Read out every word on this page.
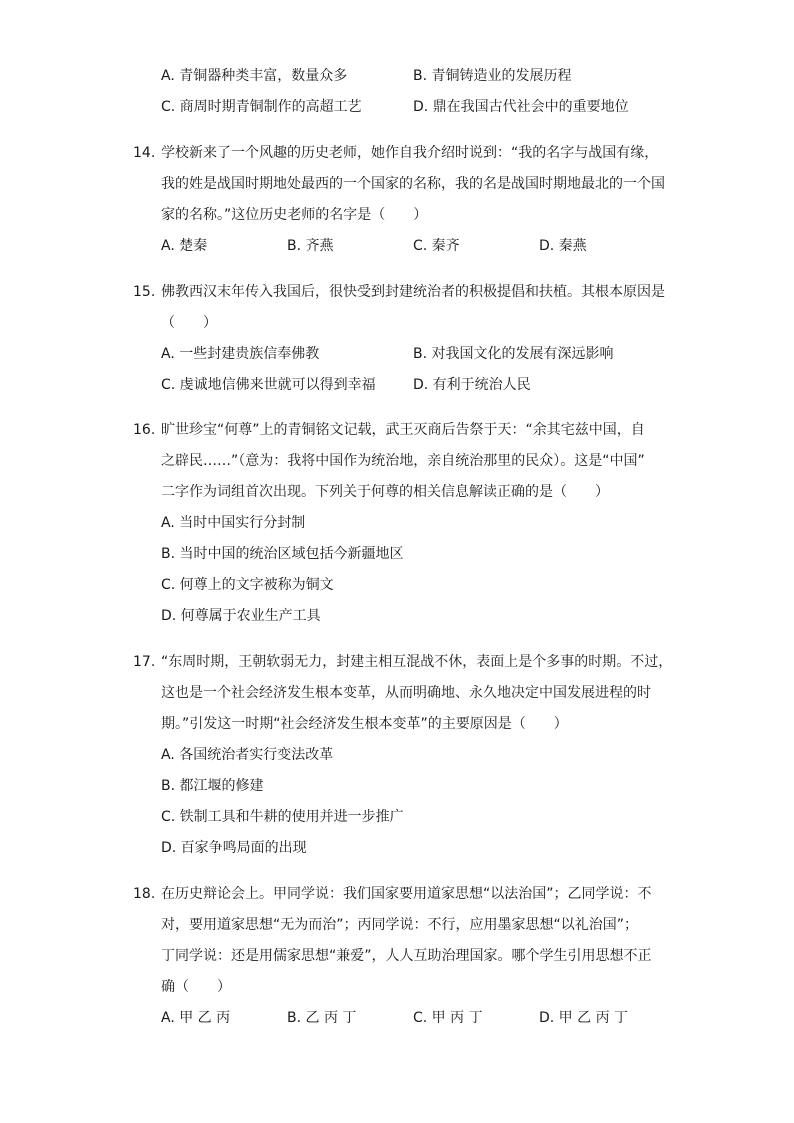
A. 青铜器种类丰富，数量众多	B. 青铜铸造业的发展历程
C. 商周时期青铜制作的高超工艺	D. 鼎在我国古代社会中的重要地位
14. 学校新来了一个风趣的历史老师，她作自我介绍时说到：“我的名字与战国有缘，
我的姓是战国时期地处最西的一个国家的名称，我的名是战国时期地最北的一个国
家的名称。”这位历史老师的名字是（　　）
A. 楚秦	B. 齐燕	C. 秦齐	D. 秦燕
15. 佛教西汉末年传入我国后，很快受到封建统治者的积极提倡和扶植。其根本原因是
（　　）
A. 一些封建贵族信奉佛教	B. 对我国文化的发展有深远影响
C. 虔诚地信佛来世就可以得到幸福	D. 有利于统治人民
16. 旷世珍宝“何尊”上的青铜铭文记载，武王灭商后告祭于天：“余其宅兹中国，自
之辟民……”（意为：我将中国作为统治地，亲自统治那里的民众）。这是“中国”
二字作为词组首次出现。下列关于何尊的相关信息解读正确的是（　　）
A. 当时中国实行分封制
B. 当时中国的统治区域包括今新疆地区
C. 何尊上的文字被称为铜文
D. 何尊属于农业生产工具
17. “东周时期，王朝软弱无力，封建主相互混战不休，表面上是个多事的时期。不过，
这也是一个社会经济发生根本变革，从而明确地、永久地决定中国发展进程的时
期。”引发这一时期“社会经济发生根本变革”的主要原因是（　　）
A. 各国统治者实行变法改革
B. 都江堰的修建
C. 铁制工具和牛耕的使用并进一步推广
D. 百家争鸣局面的出现
18. 在历史辩论会上。甲同学说：我们国家要用道家思想“以法治国”；乙同学说：不
对，要用道家思想“无为而治”；丙同学说：不行，应用墨家思想“以礼治国”；
丁同学说：还是用儒家思想“兼爱”，人人互助治理国家。哪个学生引用思想不正
确（　　）
A. 甲 乙 丙	B. 乙 丙 丁	C. 甲 丙 丁	D. 甲 乙 丙 丁
